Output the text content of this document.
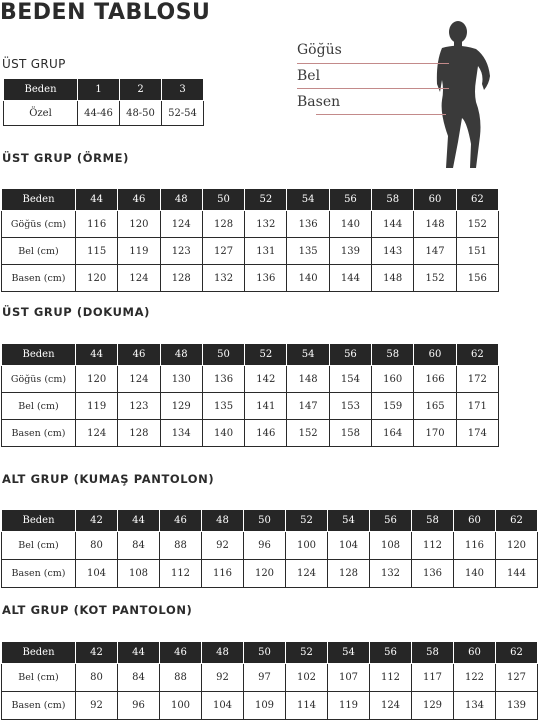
BEDEN TABLOSU
ÜST GRUP
Beden	1	2	3
Özel	44-46	48-50	52-54
Göğüs
Bel
Basen
ÜST GRUP (ÖRME)
Beden	44	46	48	50	52	54	56	58	60	62
Göğüs (cm)	116	120	124	128	132	136	140	144	148	152
Bel (cm)	115	119	123	127	131	135	139	143	147	151
Basen (cm)	120	124	128	132	136	140	144	148	152	156
ÜST GRUP (DOKUMA)
Beden	44	46	48	50	52	54	56	58	60	62
Göğüs (cm)	120	124	130	136	142	148	154	160	166	172
Bel (cm)	119	123	129	135	141	147	153	159	165	171
Basen (cm)	124	128	134	140	146	152	158	164	170	174
ALT GRUP (KUMAŞ PANTOLON)
Beden	42	44	46	48	50	52	54	56	58	60	62
Bel (cm)	80	84	88	92	96	100	104	108	112	116	120
Basen (cm)	104	108	112	116	120	124	128	132	136	140	144
ALT GRUP (KOT PANTOLON)
Beden	42	44	46	48	50	52	54	56	58	60	62
Bel (cm)	80	84	88	92	97	102	107	112	117	122	127
Basen (cm)	92	96	100	104	109	114	119	124	129	134	139
